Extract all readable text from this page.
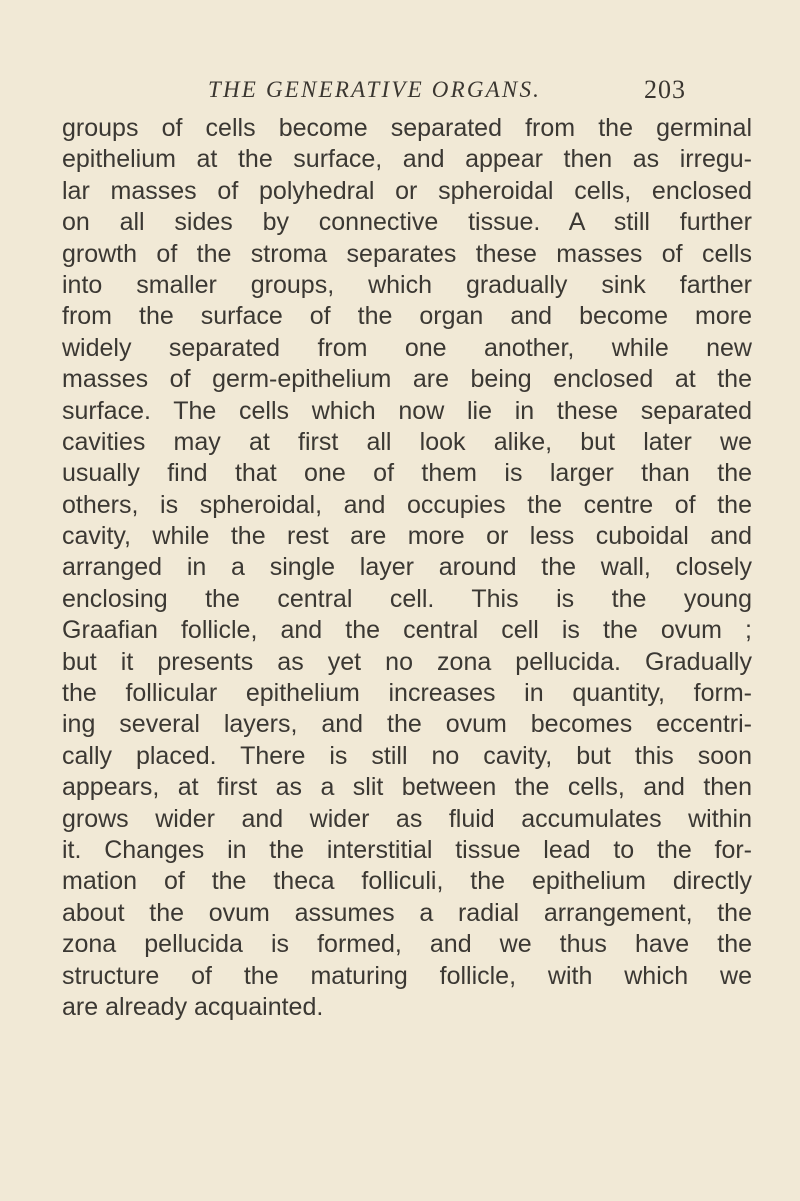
THE GENERATIVE ORGANS.	203
groups of cells become separated from the germinal
epithelium at the surface, and appear then as irregu-
lar masses of polyhedral or spheroidal cells, enclosed
on all sides by connective tissue. A still further
growth of the stroma separates these masses of cells
into smaller groups, which gradually sink farther
from the surface of the organ and become more
widely separated from one another, while new
masses of germ-epithelium are being enclosed at the
surface. The cells which now lie in these separated
cavities may at first all look alike, but later we
usually find that one of them is larger than the
others, is spheroidal, and occupies the centre of the
cavity, while the rest are more or less cuboidal and
arranged in a single layer around the wall, closely
enclosing the central cell. This is the young
Graafian follicle, and the central cell is the ovum ;
but it presents as yet no zona pellucida. Gradually
the follicular epithelium increases in quantity, form-
ing several layers, and the ovum becomes eccentri-
cally placed. There is still no cavity, but this soon
appears, at first as a slit between the cells, and then
grows wider and wider as fluid accumulates within
it. Changes in the interstitial tissue lead to the for-
mation of the theca folliculi, the epithelium directly
about the ovum assumes a radial arrangement, the
zona pellucida is formed, and we thus have the
structure of the maturing follicle, with which we
are already acquainted.
